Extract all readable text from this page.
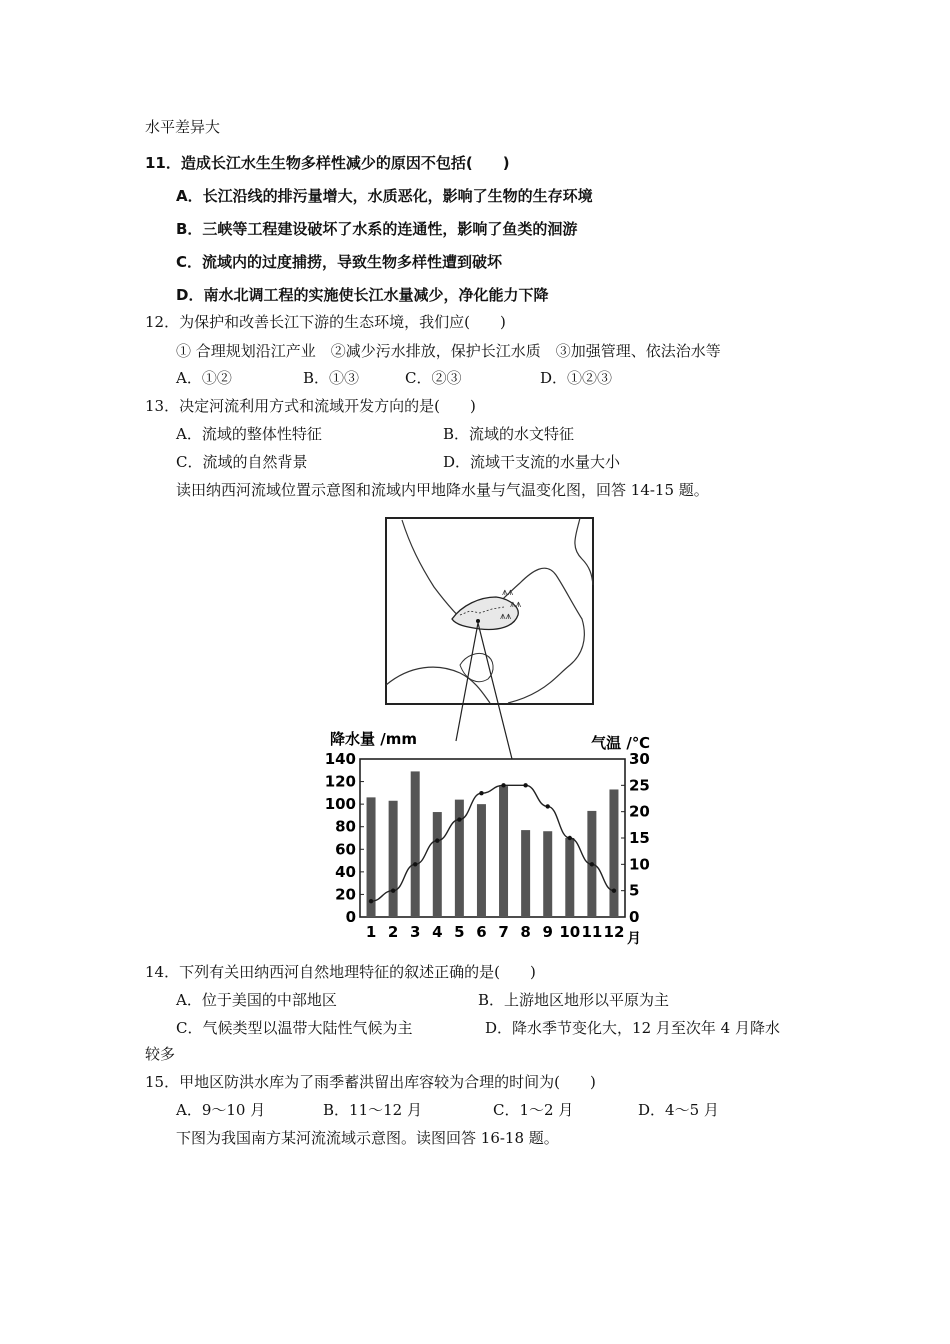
水平差异大
11．造成长江水生生物多样性减少的原因不包括(　　)
A．长江沿线的排污量增大，水质恶化，影响了生物的生存环境
B．三峡等工程建设破坏了水系的连通性，影响了鱼类的洄游
C．流域内的过度捕捞，导致生物多样性遭到破坏
D．南水北调工程的实施使长江水量减少，净化能力下降
12．为保护和改善长江下游的生态环境，我们应(　　)
① 合理规划沿江产业　②减少污水排放，保护长江水质　③加强管理、依法治水等
A．①②	B．①③	C．②③	D．①②③
13．决定河流利用方式和流域开发方向的是(　　)
A．流域的整体性特征	B．流域的水文特征
C．流域的自然背景	D．流域干支流的水量大小
读田纳西河流域位置示意图和流域内甲地降水量与气温变化图，回答 14-15 题。
⩚⩚
⩚⩚
⩚⩚
降水量 /mm	气温 /℃
0
20
40
60
80
100
120
140
0
5
10
15
20
25
30
1 2 3 4 5 6 7 8 9 10 11 12 月
14．下列有关田纳西河自然地理特征的叙述正确的是(　　)
A．位于美国的中部地区	B．上游地区地形以平原为主
C．气候类型以温带大陆性气候为主	D．降水季节变化大，12 月至次年 4 月降水
较多
15．甲地区防洪水库为了雨季蓄洪留出库容较为合理的时间为(　　)
A．9～10 月	B．11～12 月	C．1～2 月	D．4～5 月
下图为我国南方某河流流域示意图。读图回答 16-18 题。
